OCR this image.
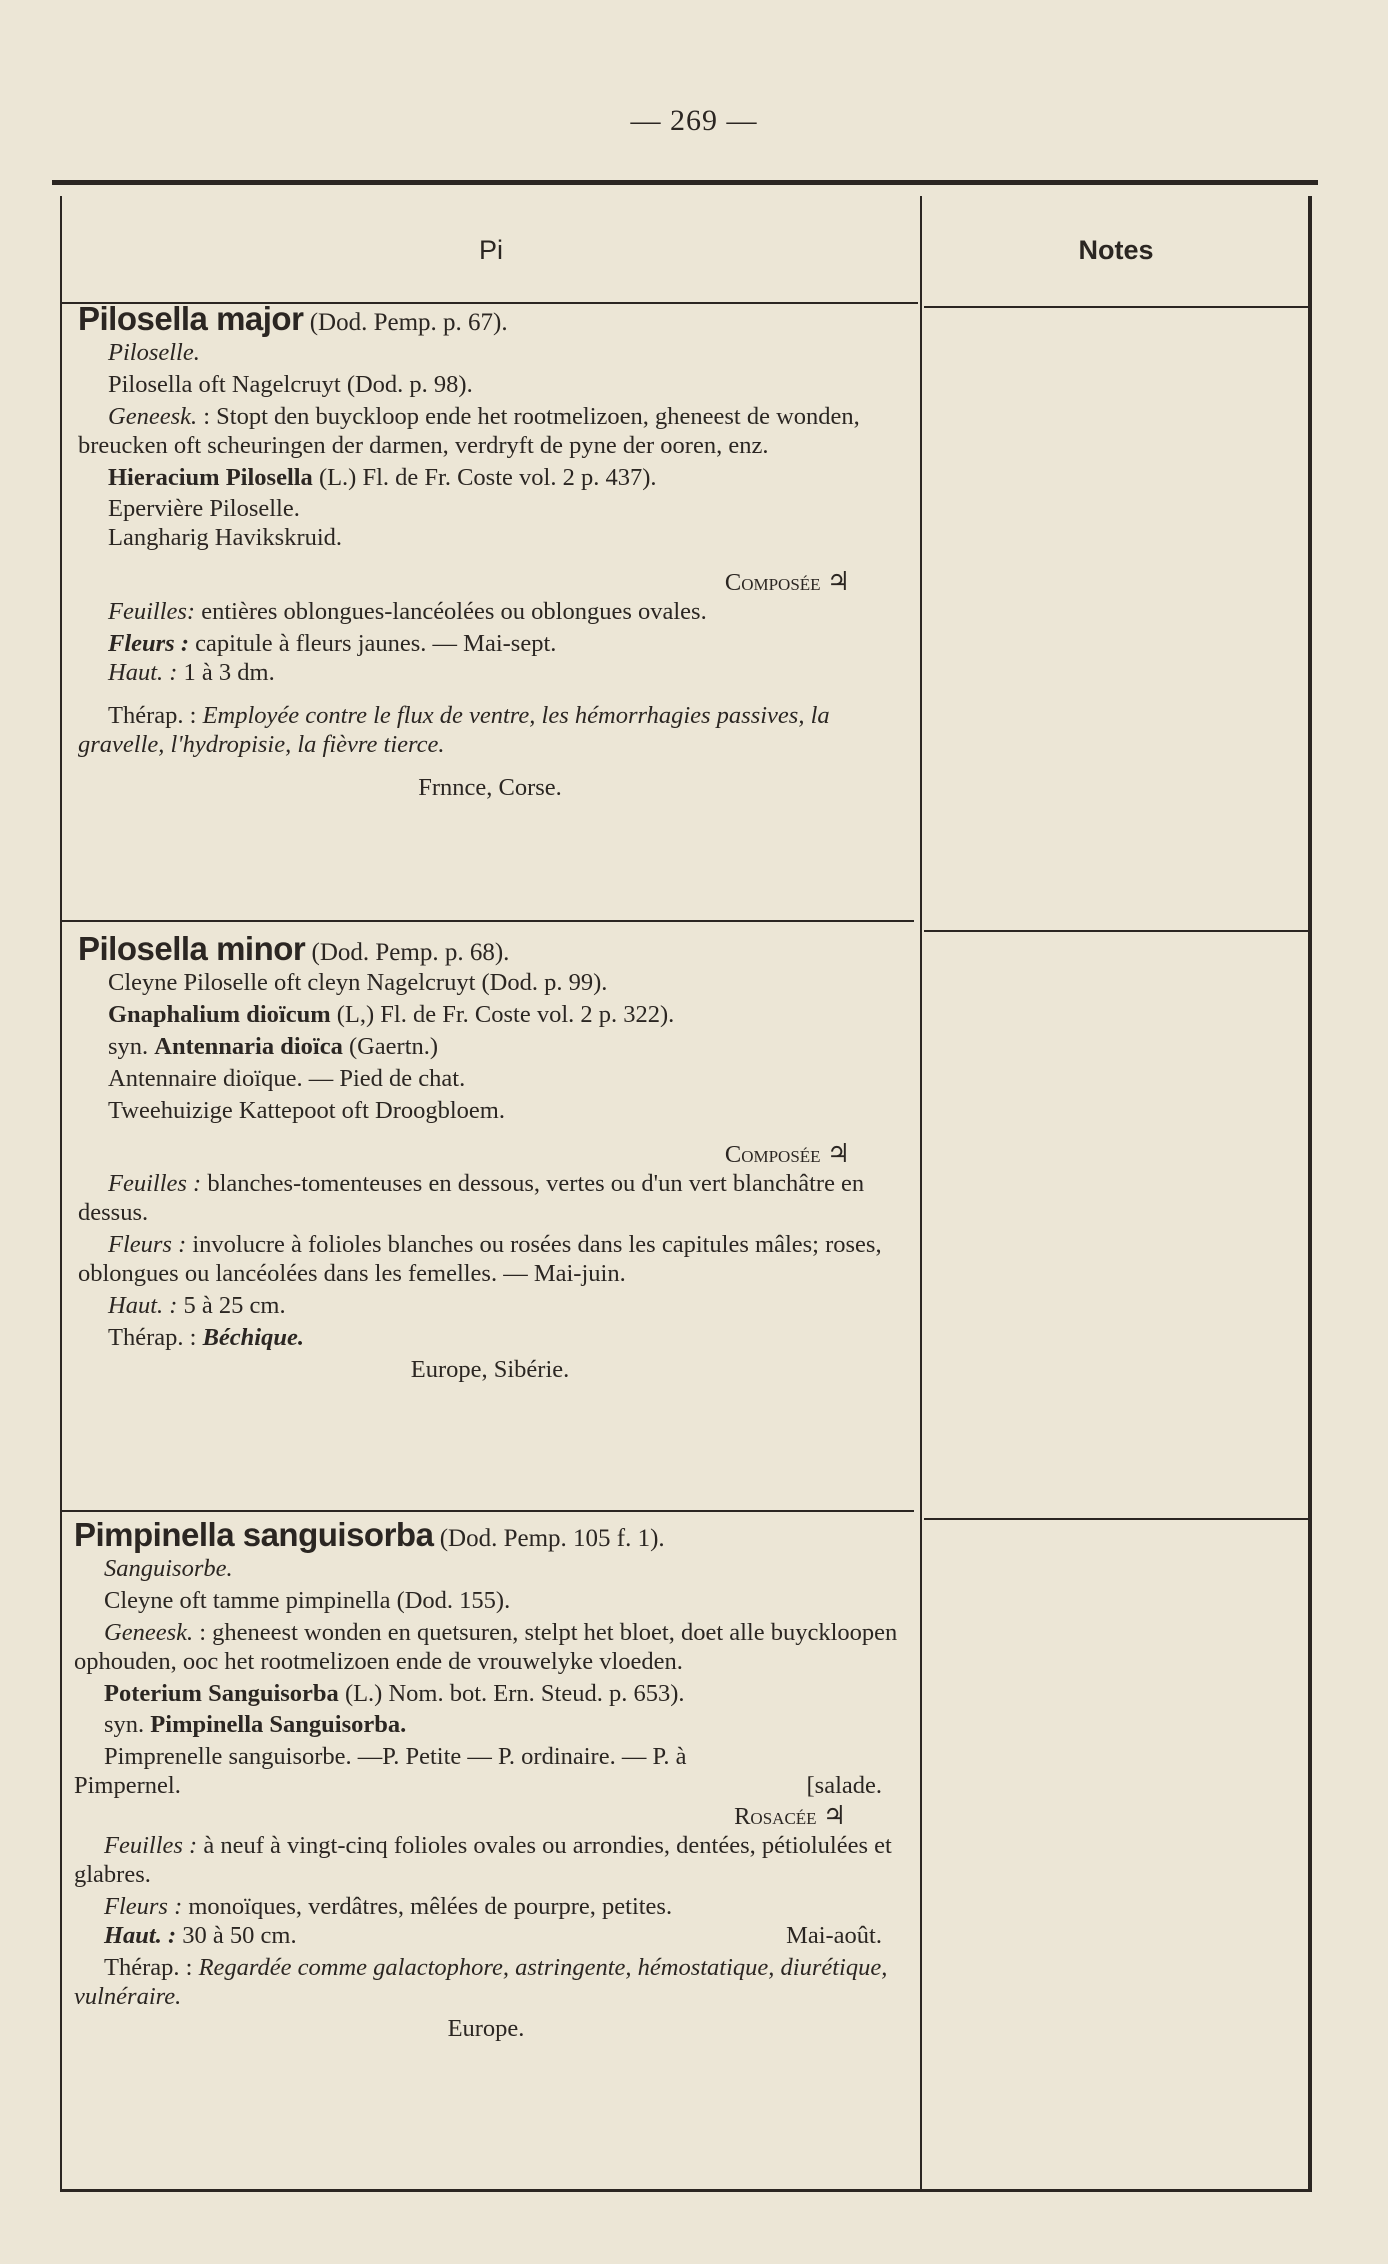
— 269 —
Pi	Notes

Pilosella major (Dod. Pemp. p. 67).

Piloselle.

Pilosella oft Nagelcruyt (Dod. p. 98).

Geneesk. : Stopt den buyckloop ende het rootmelizoen, gheneest de wonden, breucken oft scheuringen der darmen, verdryft de pyne der ooren, enz.

Hieracium Pilosella (L.) Fl. de Fr. Coste vol. 2 p. 437).

Epervière Piloselle.

Langharig Havikskruid.

Composée ♃

Feuilles: entières oblongues-lancéolées ou oblongues ovales.

Fleurs : capitule à fleurs jaunes. — Mai-sept.

Haut. : 1 à 3 dm.

Thérap. : Employée contre le flux de ventre, les hémorrhagies passives, la gravelle, l'hydropisie, la fièvre tierce.

Frnnce, Corse.

Pilosella minor (Dod. Pemp. p. 68).

Cleyne Piloselle oft cleyn Nagelcruyt (Dod. p. 99).

Gnaphalium dioïcum (L,) Fl. de Fr. Coste vol. 2 p. 322).

syn. Antennaria dioïca (Gaertn.)

Antennaire dioïque. — Pied de chat.

Tweehuizige Kattepoot oft Droogbloem.

Composée ♃

Feuilles : blanches-tomenteuses en dessous, vertes ou d'un vert blanchâtre en dessus.

Fleurs : involucre à folioles blanches ou rosées dans les capitules mâles; roses, oblongues ou lancéolées dans les femelles. — Mai-juin.

Haut. : 5 à 25 cm.

Thérap. : Béchique.

Europe, Sibérie.

Pimpinella sanguisorba (Dod. Pemp. 105 f. 1).

Sanguisorbe.

Cleyne oft tamme pimpinella (Dod. 155).

Geneesk. : gheneest wonden en quetsuren, stelpt het bloet, doet alle buyckloopen ophouden, ooc het rootmelizoen ende de vrouwelyke vloeden.

Poterium Sanguisorba (L.) Nom. bot. Ern. Steud. p. 653).

syn. Pimpinella Sanguisorba.

Pimprenelle sanguisorbe. —P. Petite — P. ordinaire. — P. à

Pimpernel.	[salade.

Rosacée ♃

Feuilles : à neuf à vingt-cinq folioles ovales ou arrondies, dentées, pétiolulées et glabres.

Fleurs : monoïques, verdâtres, mêlées de pourpre, petites.

Haut. : 30 à 50 cm.	Mai-août.

Thérap. : Regardée comme galactophore, astringente, hémostatique, diurétique, vulnéraire.

Europe.
